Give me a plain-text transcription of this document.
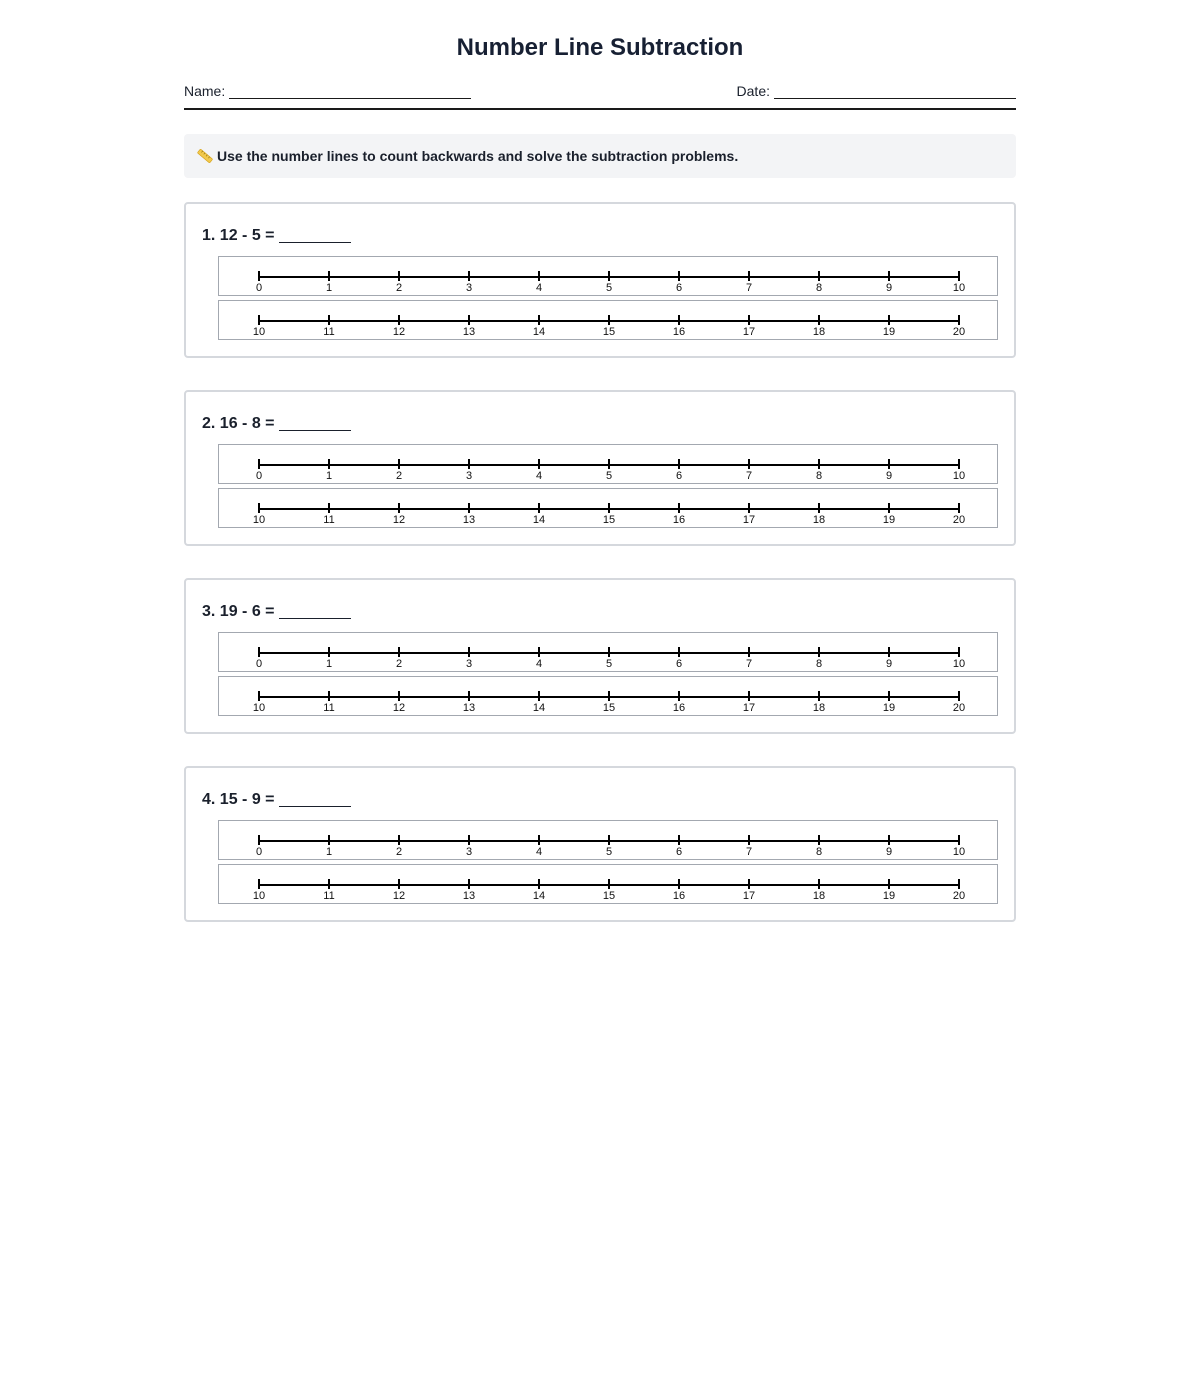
Number Line Subtraction
Name:	Date:
Use the number lines to count backwards and solve the subtraction problems.
1. 12 - 5 =
0	1	2	3	4	5	6	7	8	9	10
10	11	12	13	14	15	16	17	18	19	20
2. 16 - 8 =
0	1	2	3	4	5	6	7	8	9	10
10	11	12	13	14	15	16	17	18	19	20
3. 19 - 6 =
0	1	2	3	4	5	6	7	8	9	10
10	11	12	13	14	15	16	17	18	19	20
4. 15 - 9 =
0	1	2	3	4	5	6	7	8	9	10
10	11	12	13	14	15	16	17	18	19	20
